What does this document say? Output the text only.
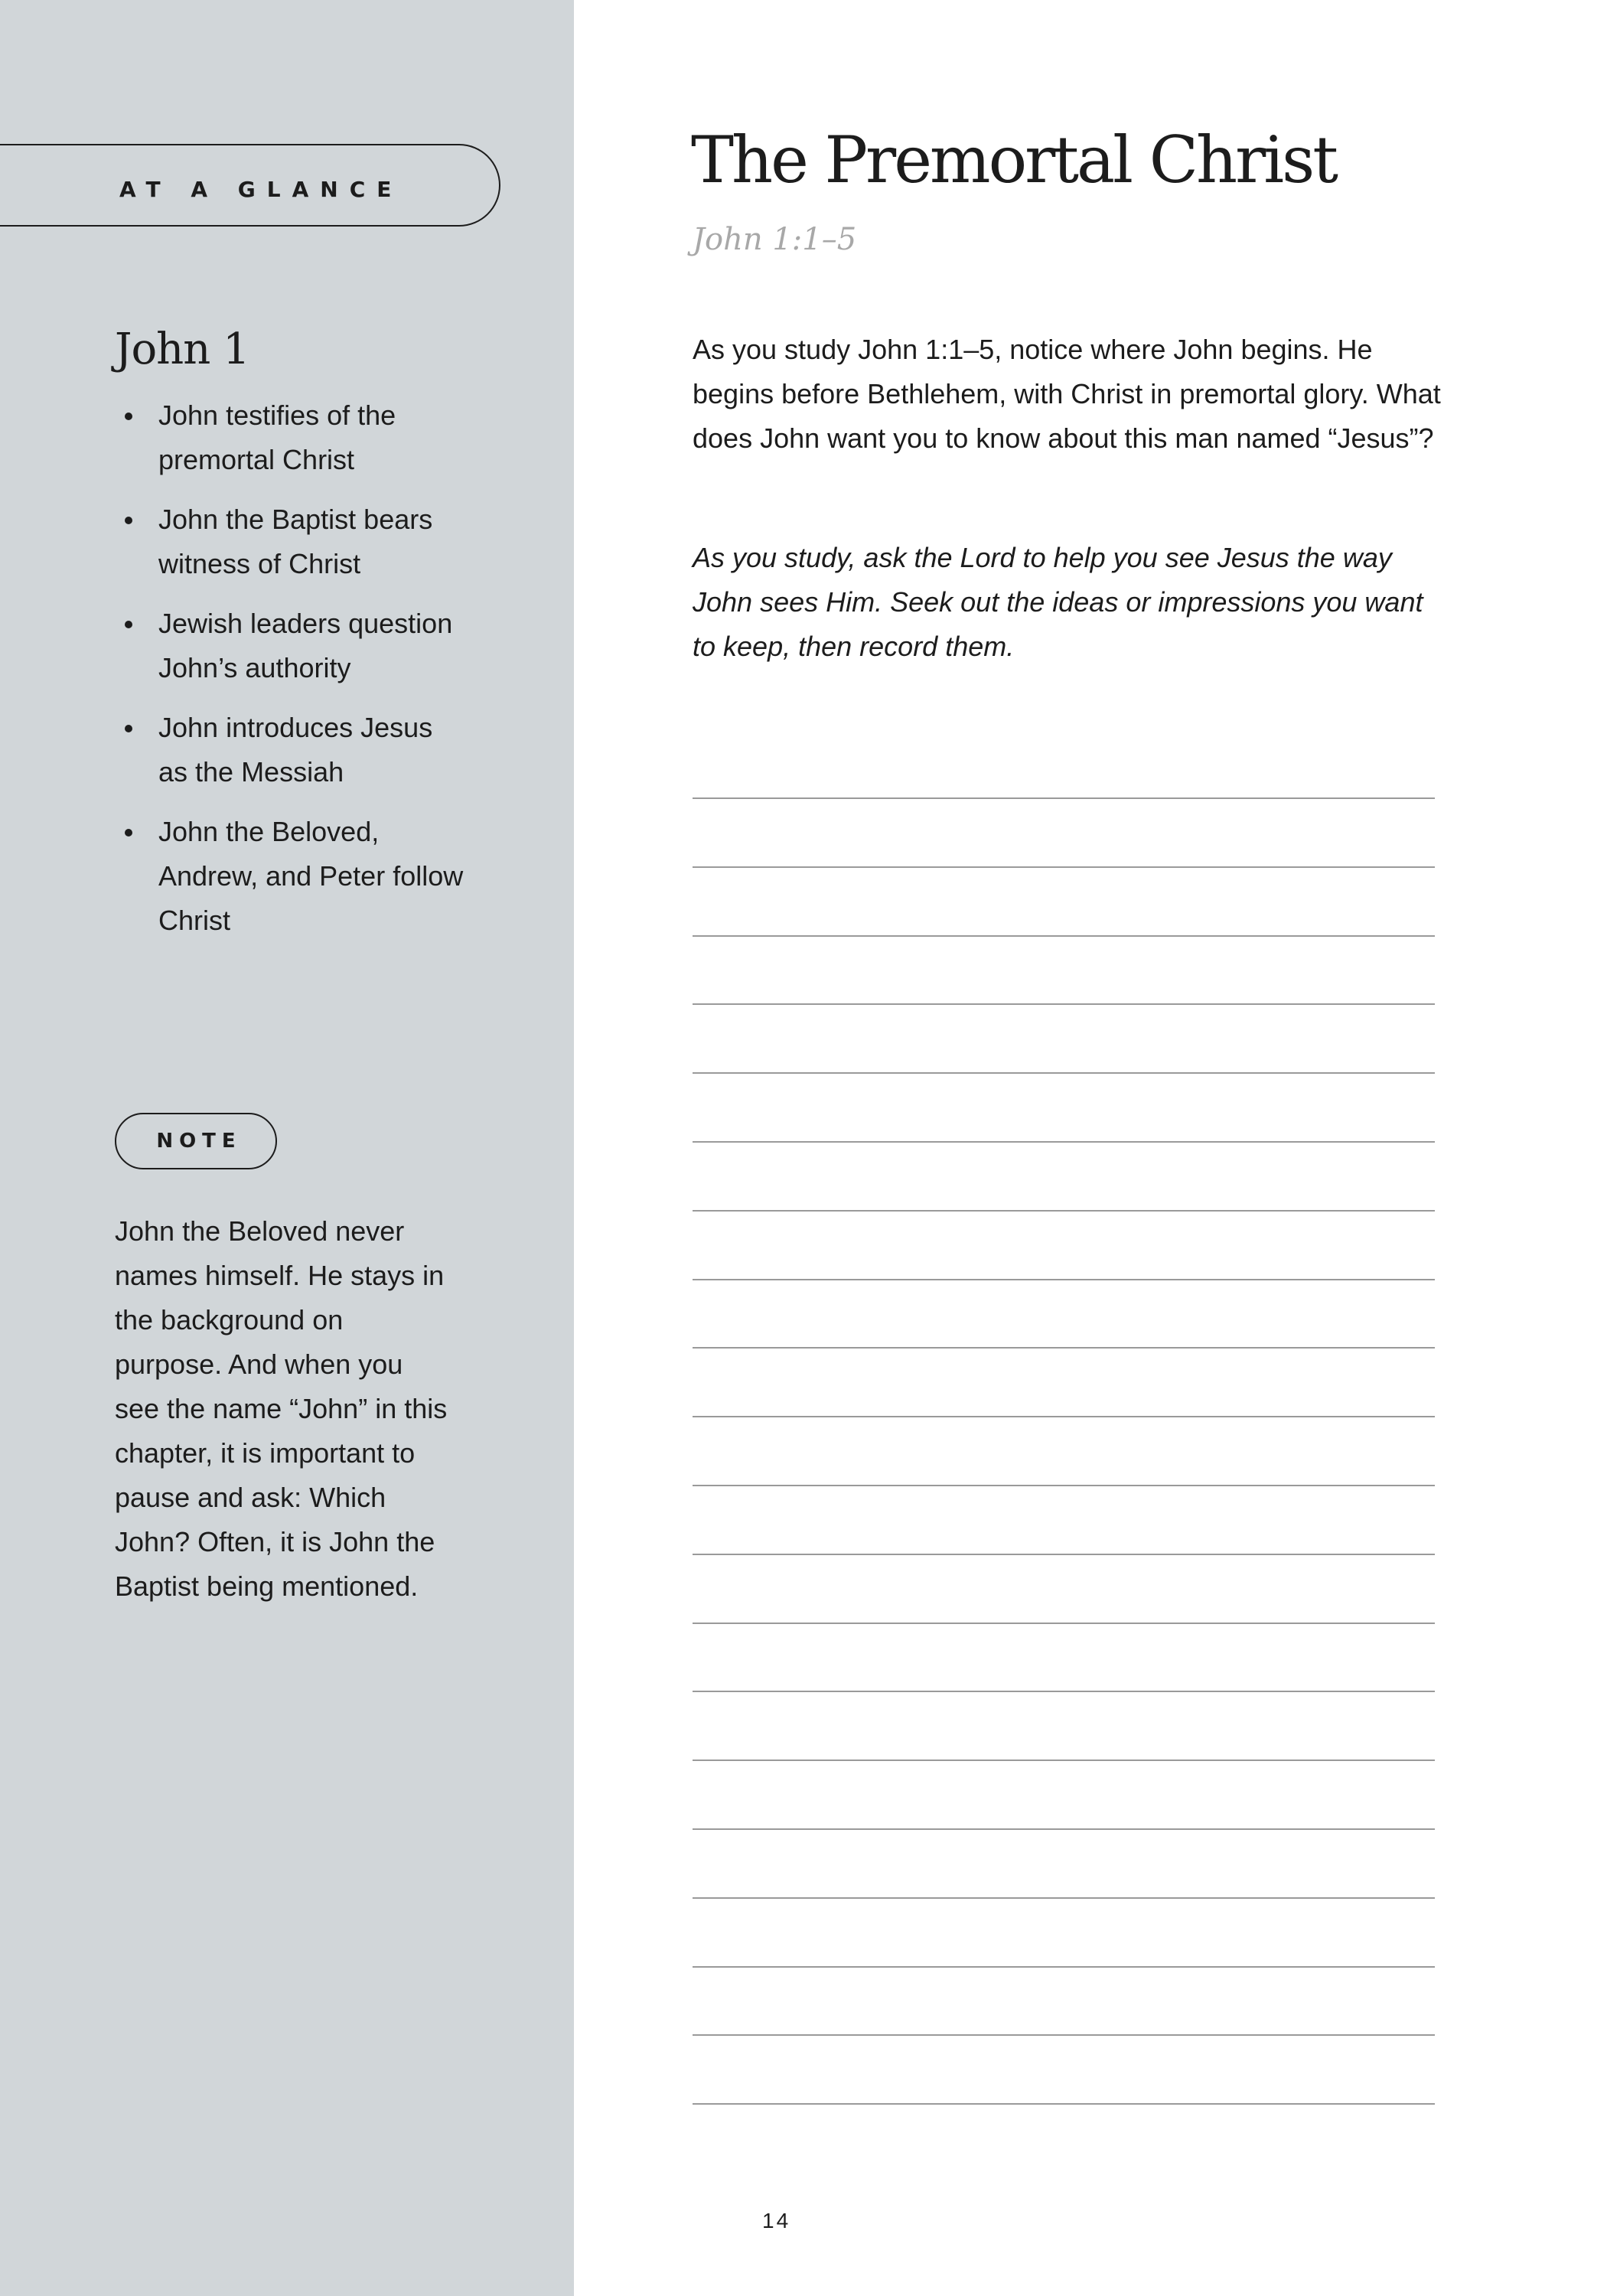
AT A GLANCE
John 1
John testifies of the premortal Christ
John the Baptist bears witness of Christ
Jewish leaders question John’s authority
John introduces Jesus as the Messiah
John the Beloved, Andrew, and Peter follow Christ
NOTE

John the Beloved never names himself. He stays in the background on purpose. And when you see the name “John” in this chapter, it is important to pause and ask: Which John? Often, it is John the Baptist being mentioned.

The Premortal Christ
John 1:1–5

As you study John 1:1–5, notice where John begins. He begins before Bethlehem, with Christ in premortal glory. What does John want you to know about this man named “Jesus”?

As you study, ask the Lord to help you see Jesus the way John sees Him. Seek out the ideas or impressions you want to keep, then record them.

14
